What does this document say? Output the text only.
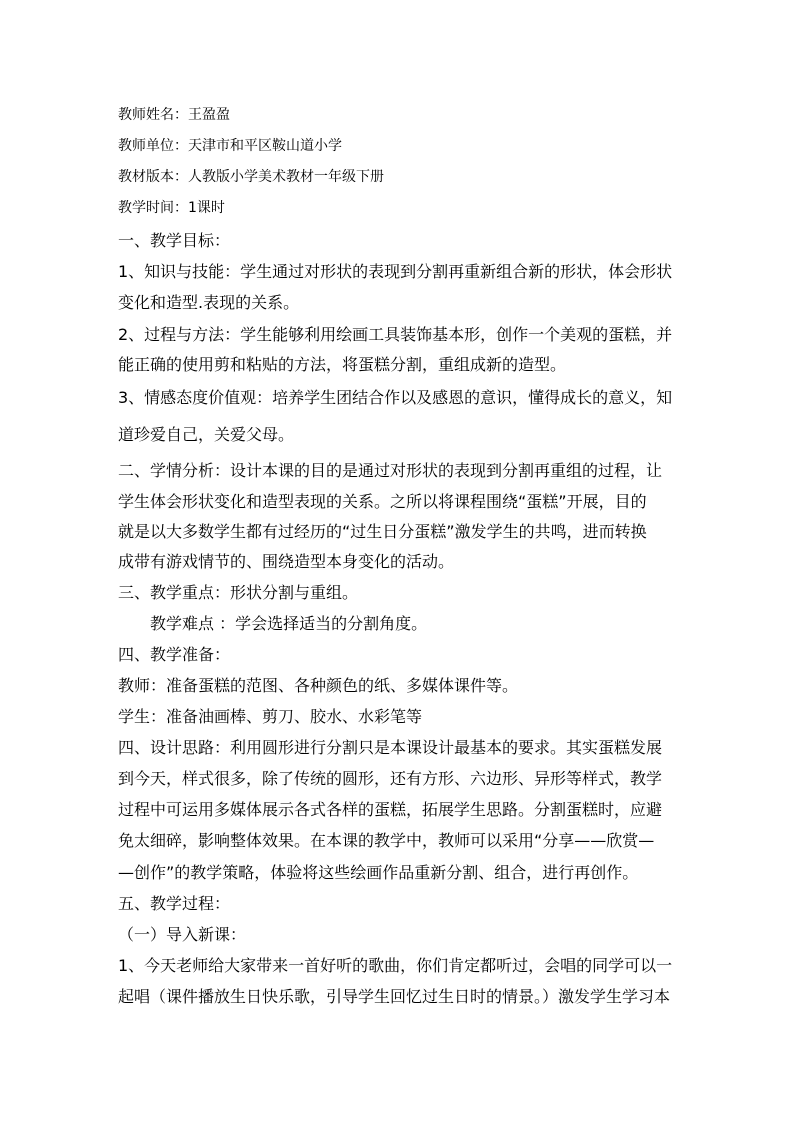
教师姓名：王盈盈
教师单位：天津市和平区鞍山道小学
教材版本：人教版小学美术教材一年级下册
教学时间：1课时
一、教学目标：
1、知识与技能：学生通过对形状的表现到分割再重新组合新的形状，体会形状
变化和造型.表现的关系。
2、过程与方法：学生能够利用绘画工具装饰基本形，创作一个美观的蛋糕，并
能正确的使用剪和粘贴的方法，将蛋糕分割，重组成新的造型。
3、情感态度价值观：培养学生团结合作以及感恩的意识，懂得成长的意义，知
道珍爱自己，关爱父母。
二、学情分析：设计本课的目的是通过对形状的表现到分割再重组的过程，让
学生体会形状变化和造型表现的关系。之所以将课程围绕“蛋糕”开展，目的
就是以大多数学生都有过经历的“过生日分蛋糕”激发学生的共鸣，进而转换
成带有游戏情节的、围绕造型本身变化的活动。
三、教学重点：形状分割与重组。
教学难点 ：学会选择适当的分割角度。
四、教学准备：
教师：准备蛋糕的范图、各种颜色的纸、多媒体课件等。
学生：准备油画棒、剪刀、胶水、水彩笔等
四、设计思路：利用圆形进行分割只是本课设计最基本的要求。其实蛋糕发展
到今天，样式很多，除了传统的圆形，还有方形、六边形、异形等样式，教学
过程中可运用多媒体展示各式各样的蛋糕，拓展学生思路。分割蛋糕时，应避
免太细碎，影响整体效果。在本课的教学中，教师可以采用“分享——欣赏—
—创作”的教学策略，体验将这些绘画作品重新分割、组合，进行再创作。
五、教学过程：
（一）导入新课：
1、今天老师给大家带来一首好听的歌曲，你们肯定都听过，会唱的同学可以一
起唱（课件播放生日快乐歌，引导学生回忆过生日时的情景。）激发学生学习本
